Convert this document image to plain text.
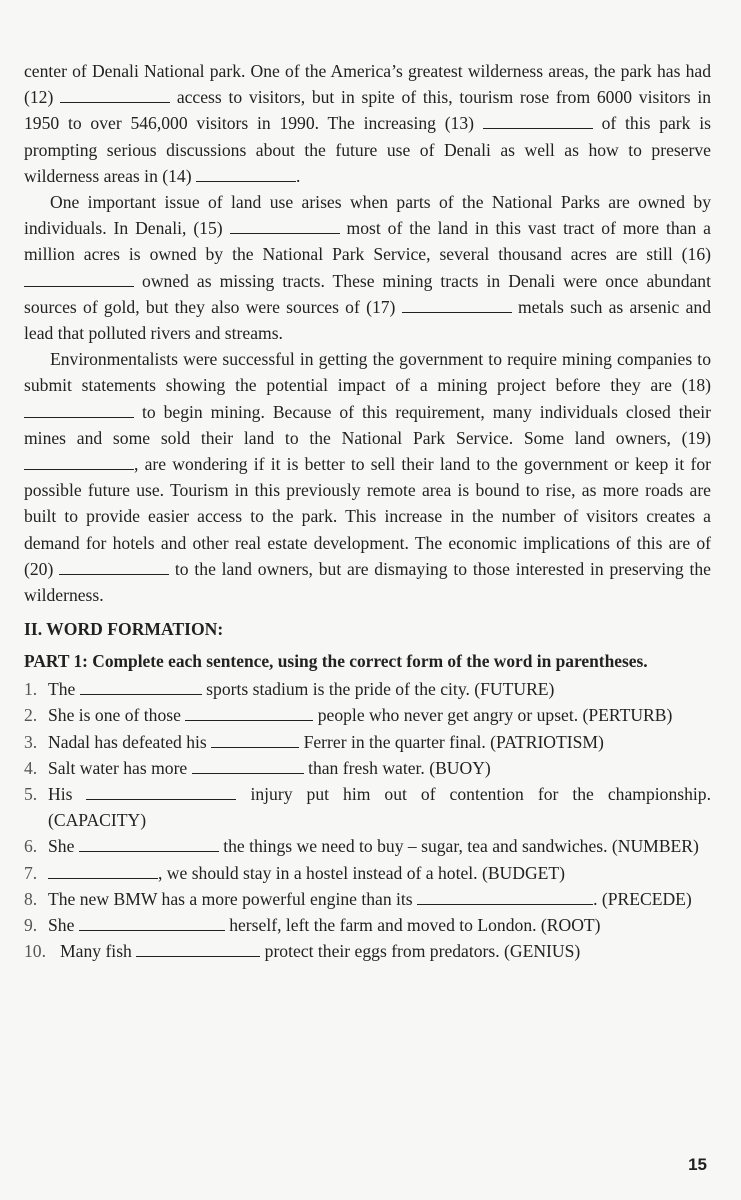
center of Denali National park. One of the America’s greatest wilderness areas, the park has had (12)	access to visitors, but in spite of this, tourism rose from 6000 visitors in 1950 to over 546,000 visitors in 1990. The increasing (13)	of this park is prompting serious discussions about the future use of Denali as well as how to preserve wilderness areas in (14)	.

One important issue of land use arises when parts of the National Parks are owned by individuals. In Denali, (15)	most of the land in this vast tract of more than a million acres is owned by the National Park Service, several thousand acres are still (16)  owned as missing tracts. These mining tracts in Denali were once abundant sources of gold, but they also were sources of (17)	metals such as arsenic and lead that polluted rivers and streams.

Environmentalists were successful in getting the government to require mining companies to submit statements showing the potential impact of a mining project before they are (18)  to begin mining. Because of this requirement, many individuals closed their mines and some sold their land to the National Park Service. Some land owners, (19) , are wondering if it is better to sell their land to the government or keep it for possible future use. Tourism in this previously remote area is bound to rise, as more roads are built to provide easier access to the park. This increase in the number of visitors creates a demand for hotels and other real estate development. The economic implications of this are of (20)	to the land owners, but are dismaying to those interested in preserving the wilderness.

II. WORD FORMATION:
PART 1: Complete each sentence, using the correct form of the word in parentheses.
1. The	sports stadium is the pride of the city. (FUTURE)
2. She is one of those	people who never get angry or upset. (PERTURB)
3. Nadal has defeated his	Ferrer in the quarter final. (PATRIOTISM)
4. Salt water has more	than fresh water. (BUOY)
5. His	injury put him out of contention for the championship. (CAPACITY)
6. She	the things we need to buy – sugar, tea and sandwiches. (NUMBER)
7.	, we should stay in a hostel instead of a hotel. (BUDGET)
8. The new BMW has a more powerful engine than its	. (PRECEDE)
9. She	herself, left the farm and moved to London. (ROOT)
10. Many fish	protect their eggs from predators. (GENIUS)
15
